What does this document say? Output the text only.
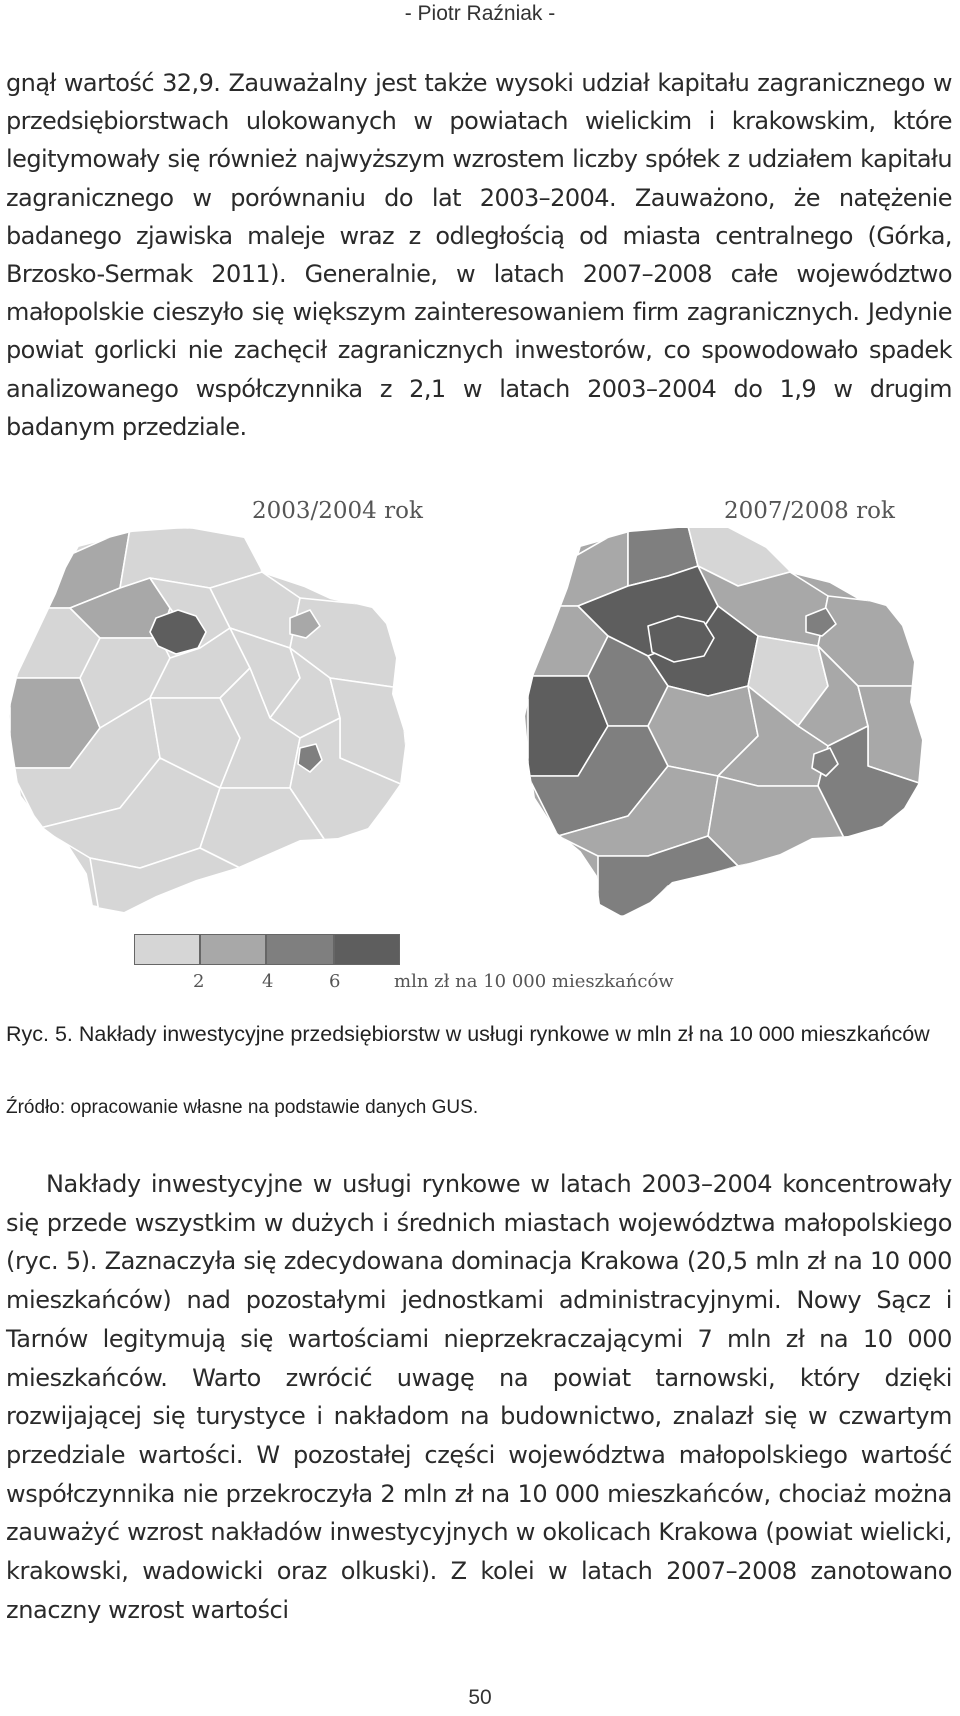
- Piotr Raźniak -

gnął wartość 32,9. Zauważalny jest także wysoki udział kapitału zagranicznego w przedsiębiorstwach ulokowanych w powiatach wielickim i krakowskim, które legitymowały się również najwyższym wzrostem liczby spółek z udziałem kapitału zagranicznego w porównaniu do lat 2003–2004. Zauważono, że natężenie badanego zjawiska maleje wraz z odległością od miasta centralnego (Górka, Brzosko-Sermak 2011). Generalnie, w latach 2007–2008 całe województwo małopolskie cieszyło się większym zainteresowaniem firm zagranicznych. Jedynie powiat gorlicki nie zachęcił zagranicznych inwestorów, co spowodowało spadek analizowanego współczynnika z 2,1 w latach 2003–2004 do 1,9 w drugim badanym przedziale.

2003/2004 rok	2007/2008 rok
2	4	6	mln zł na 10 000 mieszkańców

Ryc. 5. Nakłady inwestycyjne przedsiębiorstw w usługi rynkowe w mln zł na 10 000 mieszkańców

Źródło: opracowanie własne na podstawie danych GUS.

Nakłady inwestycyjne w usługi rynkowe w latach 2003–2004 koncentrowały się przede wszystkim w dużych i średnich miastach województwa małopolskiego (ryc. 5). Zaznaczyła się zdecydowana dominacja Krakowa (20,5 mln zł na 10 000 mieszkańców) nad pozostałymi jednostkami administracyjnymi. Nowy Sącz i Tarnów legitymują się wartościami nieprzekraczającymi 7 mln zł na 10 000 mieszkańców. Warto zwrócić uwagę na powiat tarnowski, który dzięki rozwijającej się turystyce i nakładom na budownictwo, znalazł się w czwartym przedziale wartości. W pozostałej części województwa małopolskiego wartość współczynnika nie przekroczyła 2 mln zł na 10 000 mieszkańców, chociaż można zauważyć wzrost nakładów inwestycyjnych w okolicach Krakowa (powiat wielicki, krakowski, wadowicki oraz olkuski). Z kolei w latach 2007–2008 zanotowano znaczny wzrost wartości

50
